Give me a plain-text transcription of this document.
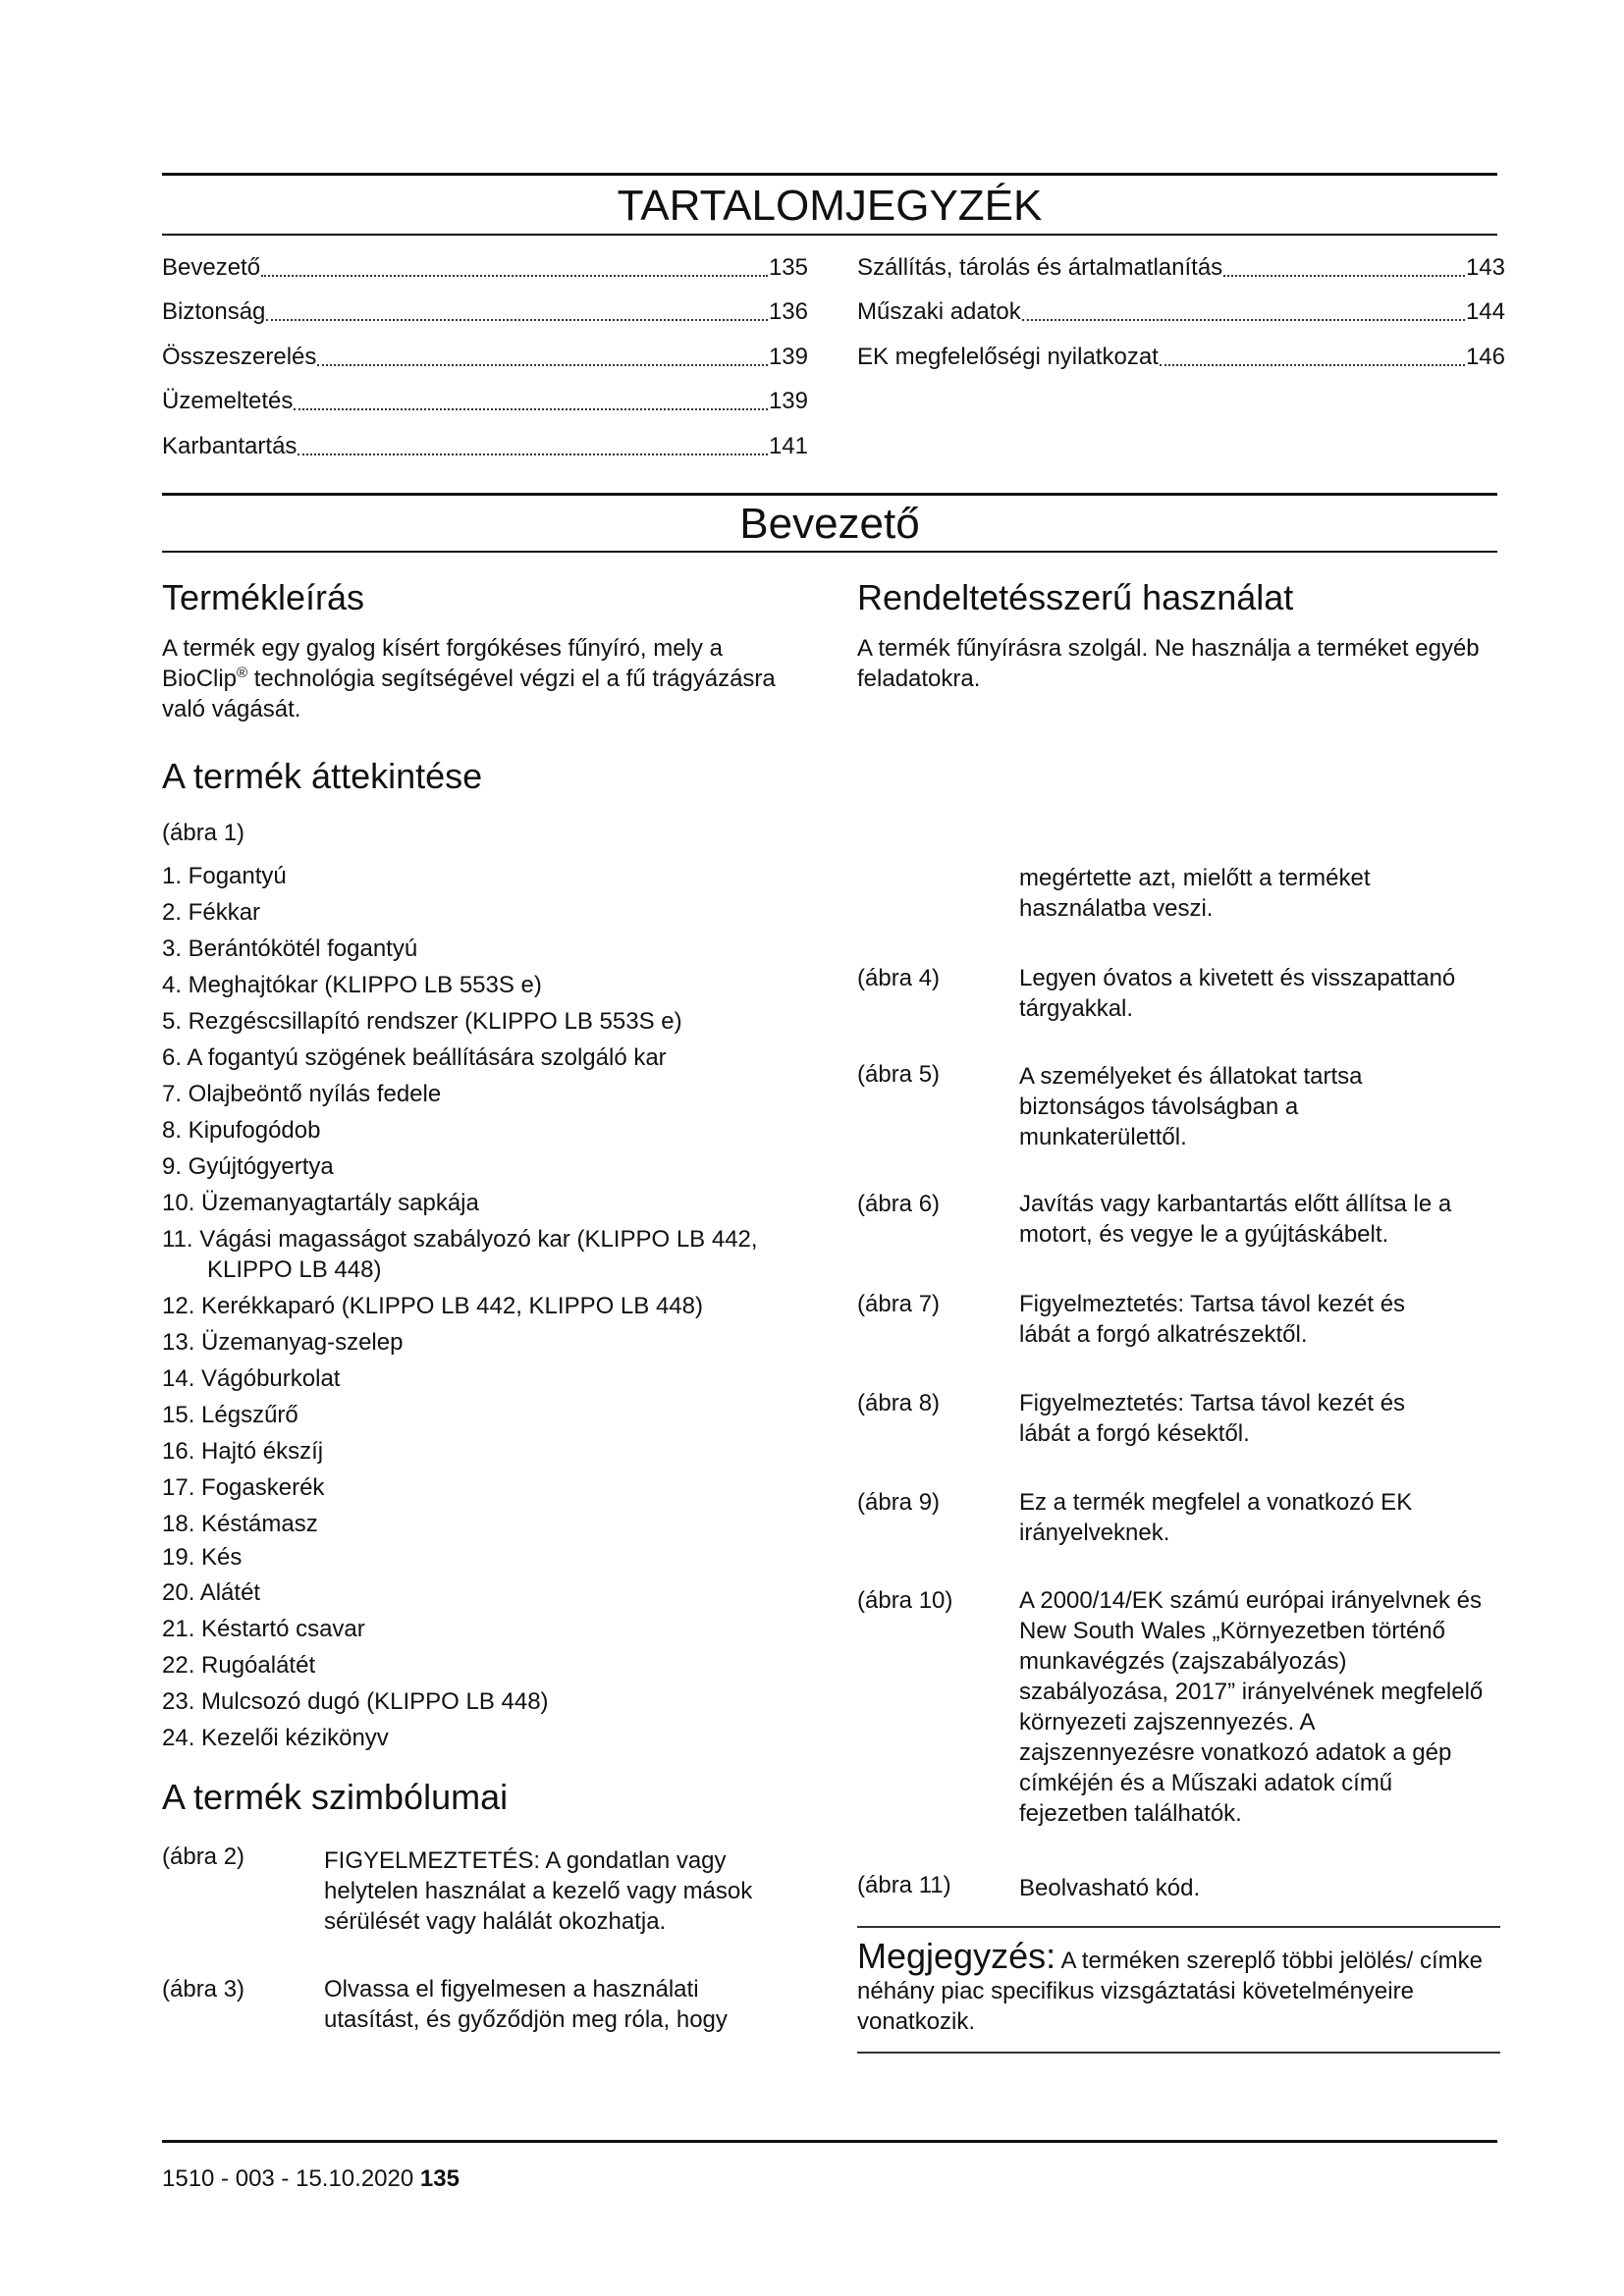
TARTALOMJEGYZÉK
Bevezető	135
Biztonság	136
Összeszerelés	139
Üzemeltetés	139
Karbantartás	141
Szállítás, tárolás és ártalmatlanítás	143
Műszaki adatok	144
EK megfelelőségi nyilatkozat	146
Bevezető
Termékleírás
A termék egy gyalog kísért forgókéses fűnyíró, mely a BioClip® technológia segítségével végzi el a fű trágyázásra való vágását.
Rendeltetésszerű használat
A termék fűnyírásra szolgál. Ne használja a terméket egyéb feladatokra.
A termék áttekintése
(ábra 1)
1. Fogantyú
2. Fékkar
3. Berántókötél fogantyú
4. Meghajtókar (KLIPPO LB 553S e)
5. Rezgéscsillapító rendszer (KLIPPO LB 553S e)
6. A fogantyú szögének beállítására szolgáló kar
7. Olajbeöntő nyílás fedele
8. Kipufogódob
9. Gyújtógyertya
10. Üzemanyagtartály sapkája
11. Vágási magasságot szabályozó kar (KLIPPO LB 442, KLIPPO LB 448)
12. Kerékkaparó (KLIPPO LB 442, KLIPPO LB 448)
13. Üzemanyag-szelep
14. Vágóburkolat
15. Légszűrő
16. Hajtó ékszíj
17. Fogaskerék
18. Késtámasz
19. Kés
20. Alátét
21. Késtartó csavar
22. Rugóalátét
23. Mulcsozó dugó (KLIPPO LB 448)
24. Kezelői kézikönyv
A termék szimbólumai
(ábra 2)	FIGYELMEZTETÉS: A gondatlan vagy helytelen használat a kezelő vagy mások sérülését vagy halálát okozhatja.
(ábra 3)	Olvassa el figyelmesen a használati utasítást, és győződjön meg róla, hogy
megértette azt, mielőtt a terméket használatba veszi.
(ábra 4)	Legyen óvatos a kivetett és visszapattanó tárgyakkal.
(ábra 5)	A személyeket és állatokat tartsa biztonságos távolságban a munkaterülettől.
(ábra 6)	Javítás vagy karbantartás előtt állítsa le a motort, és vegye le a gyújtáskábelt.
(ábra 7)	Figyelmeztetés: Tartsa távol kezét és lábát a forgó alkatrészektől.
(ábra 8)	Figyelmeztetés: Tartsa távol kezét és lábát a forgó késektől.
(ábra 9)	Ez a termék megfelel a vonatkozó EK irányelveknek.
(ábra 10)	A 2000/14/EK számú európai irányelvnek és New South Wales „Környezetben történő munkavégzés (zajszabályozás) szabályozása, 2017” irányelvének megfelelő környezeti zajszennyezés. A zajszennyezésre vonatkozó adatok a gép címkéjén és a Műszaki adatok című fejezetben találhatók.
(ábra 11)	Beolvasható kód.
Megjegyzés: A terméken szereplő többi jelölés/ címke néhány piac specifikus vizsgáztatási követelményeire vonatkozik.
1510 - 003 - 15.10.2020 135
